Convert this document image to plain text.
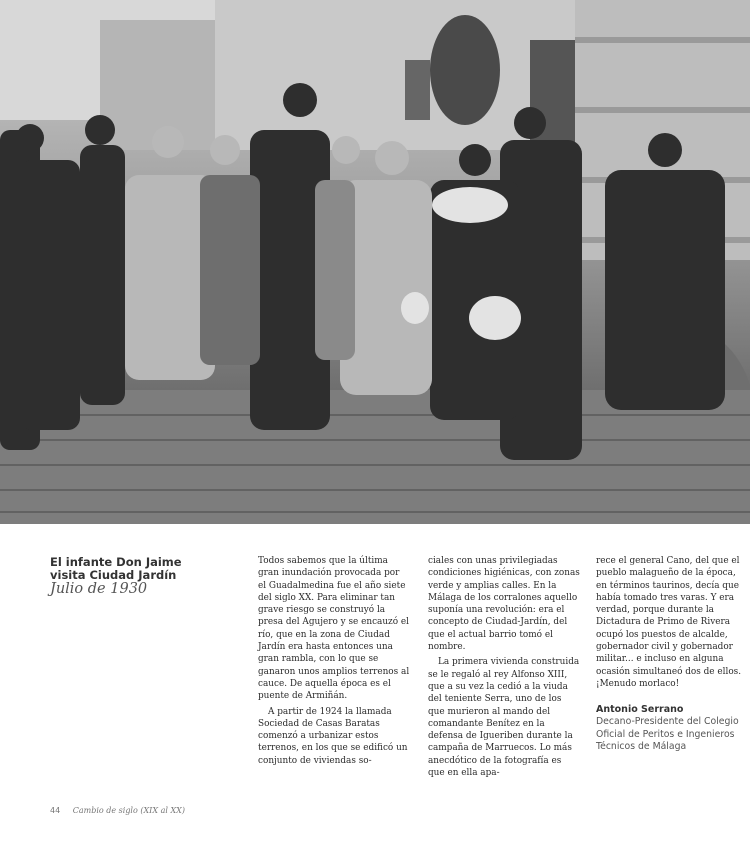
El infante Don Jaime visita Ciudad Jardín
Julio de 1930

Todos sabemos que la última gran inundación provocada por el Guadalmedina fue el año siete del siglo XX. Para eliminar tan grave riesgo se construyó la presa del Agujero y se encauzó el río, que en la zona de Ciudad Jardín era hasta entonces una gran rambla, con lo que se ganaron unos amplios terrenos al cauce. De aquella época es el puente de Armiñán.

A partir de 1924 la llamada Sociedad de Casas Baratas comenzó a urbanizar estos terrenos, en los que se edificó un conjunto de viviendas so-

ciales con unas privilegiadas condiciones higiénicas, con zonas verde y amplias calles. En la Málaga de los corralones aquello suponía una revolución: era el concepto de Ciudad-Jardín, del que el actual barrio tomó el nombre.

La primera vivienda construida se le regaló al rey Alfonso XIII, que a su vez la cedió a la viuda del teniente Serra, uno de los que murieron al mando del comandante Benítez en la defensa de Igueriben durante la campaña de Marruecos. Lo más anecdótico de la fotografía es que en ella apa-

rece el general Cano, del que el pueblo malagueño de la época, en términos taurinos, decía que había tomado tres varas. Y era verdad, porque durante la Dictadura de Primo de Rivera ocupó los puestos de alcalde, gobernador civil y gobernador militar... e incluso en alguna ocasión simultaneó dos de ellos. ¡Menudo morlaco!

Antonio Serrano
Decano-Presidente del Colegio Oficial de Peritos e Ingenieros Técnicos de Málaga
44 Cambio de siglo (XIX al XX)
